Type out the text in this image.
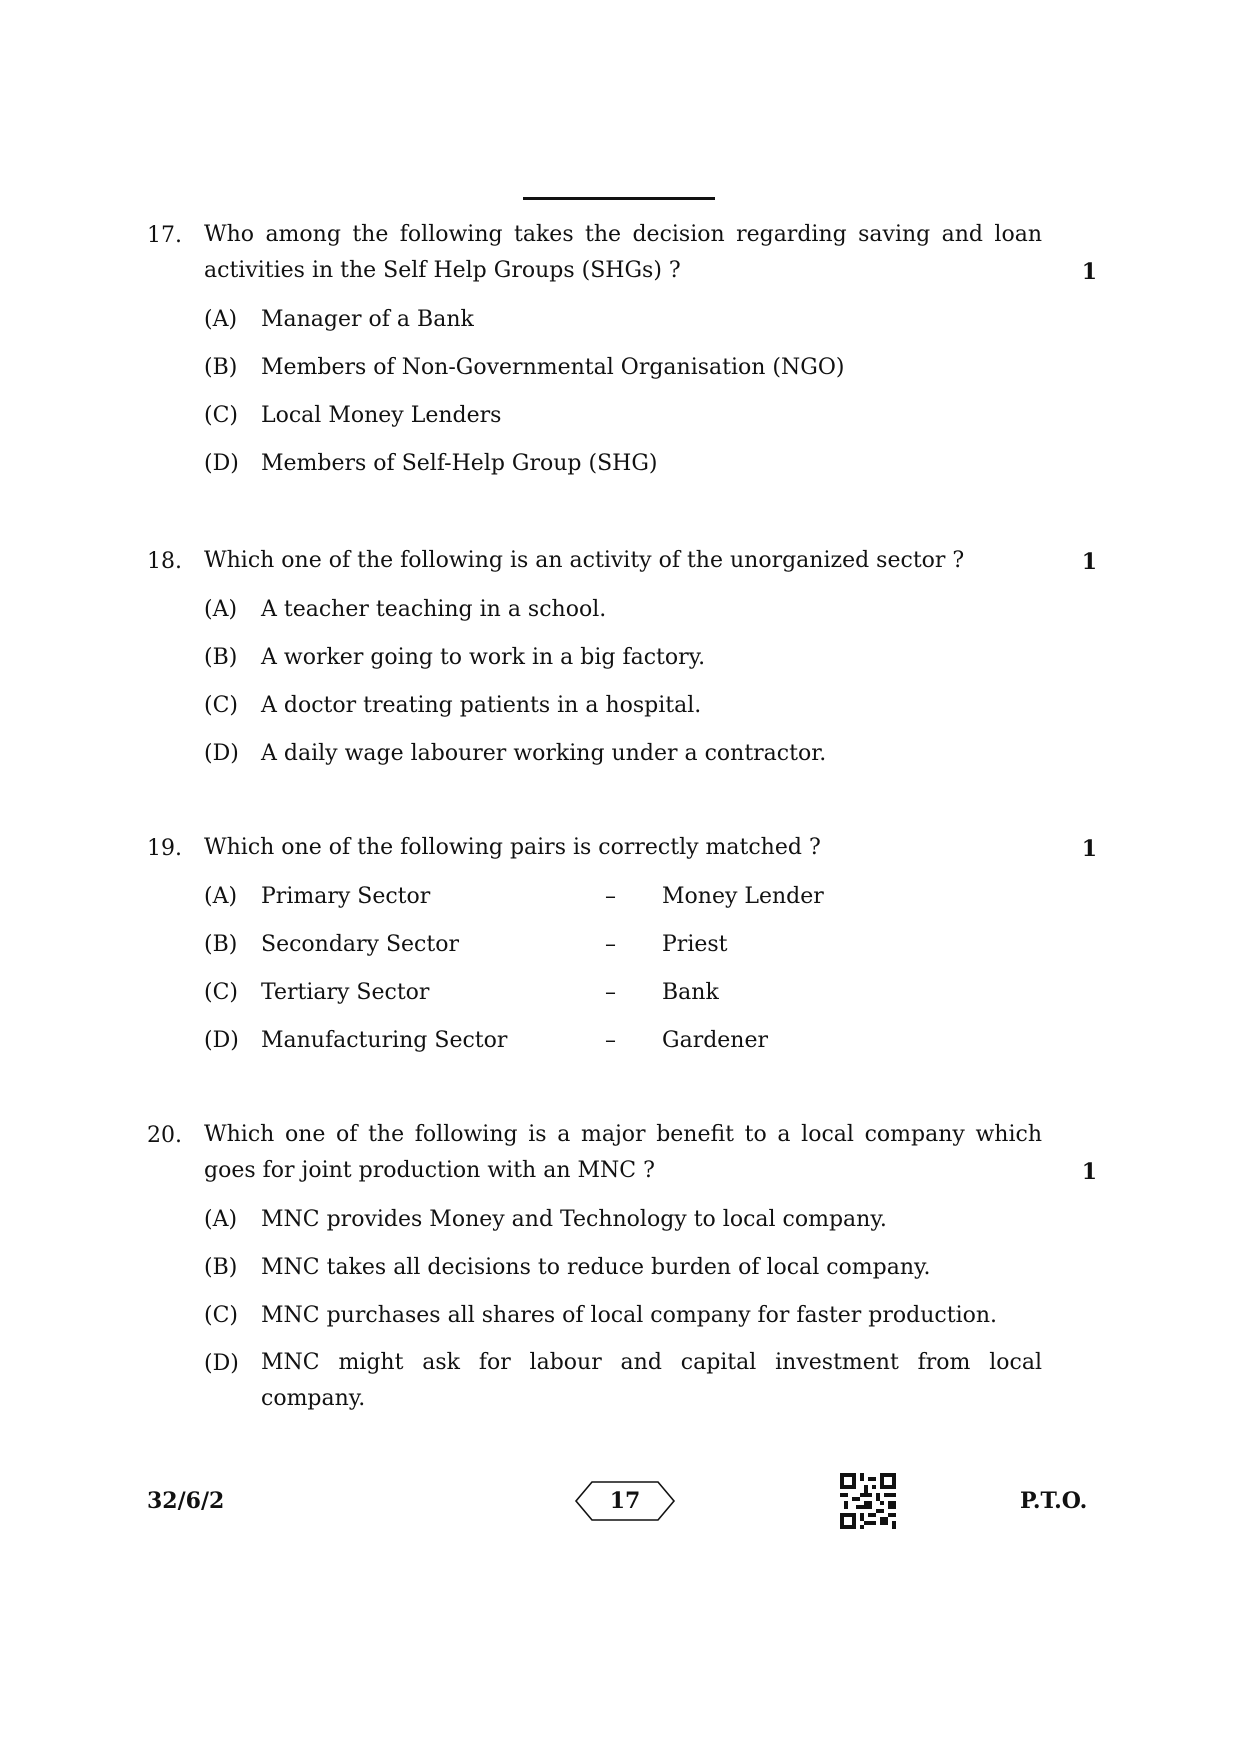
17. Who among the following takes the decision regarding saving and loan
activities in the Self Help Groups (SHGs) ?	1
(A) Manager of a Bank
(B) Members of Non-Governmental Organisation (NGO)
(C) Local Money Lenders
(D) Members of Self-Help Group (SHG)
18. Which one of the following is an activity of the unorganized sector ?	1
(A) A teacher teaching in a school.
(B) A worker going to work in a big factory.
(C) A doctor treating patients in a hospital.
(D) A daily wage labourer working under a contractor.
19. Which one of the following pairs is correctly matched ?	1
(A) Primary Sector	– Money Lender
(B) Secondary Sector	– Priest
(C) Tertiary Sector	– Bank
(D) Manufacturing Sector	– Gardener
20. Which one of the following is a major benefit to a local company which
goes for joint production with an MNC ?	1
(A) MNC provides Money and Technology to local company.
(B) MNC takes all decisions to reduce burden of local company.
(C) MNC purchases all shares of local company for faster production.
(D) MNC might ask for labour and capital investment from local
company.
32/6/2	17	P.T.O.
